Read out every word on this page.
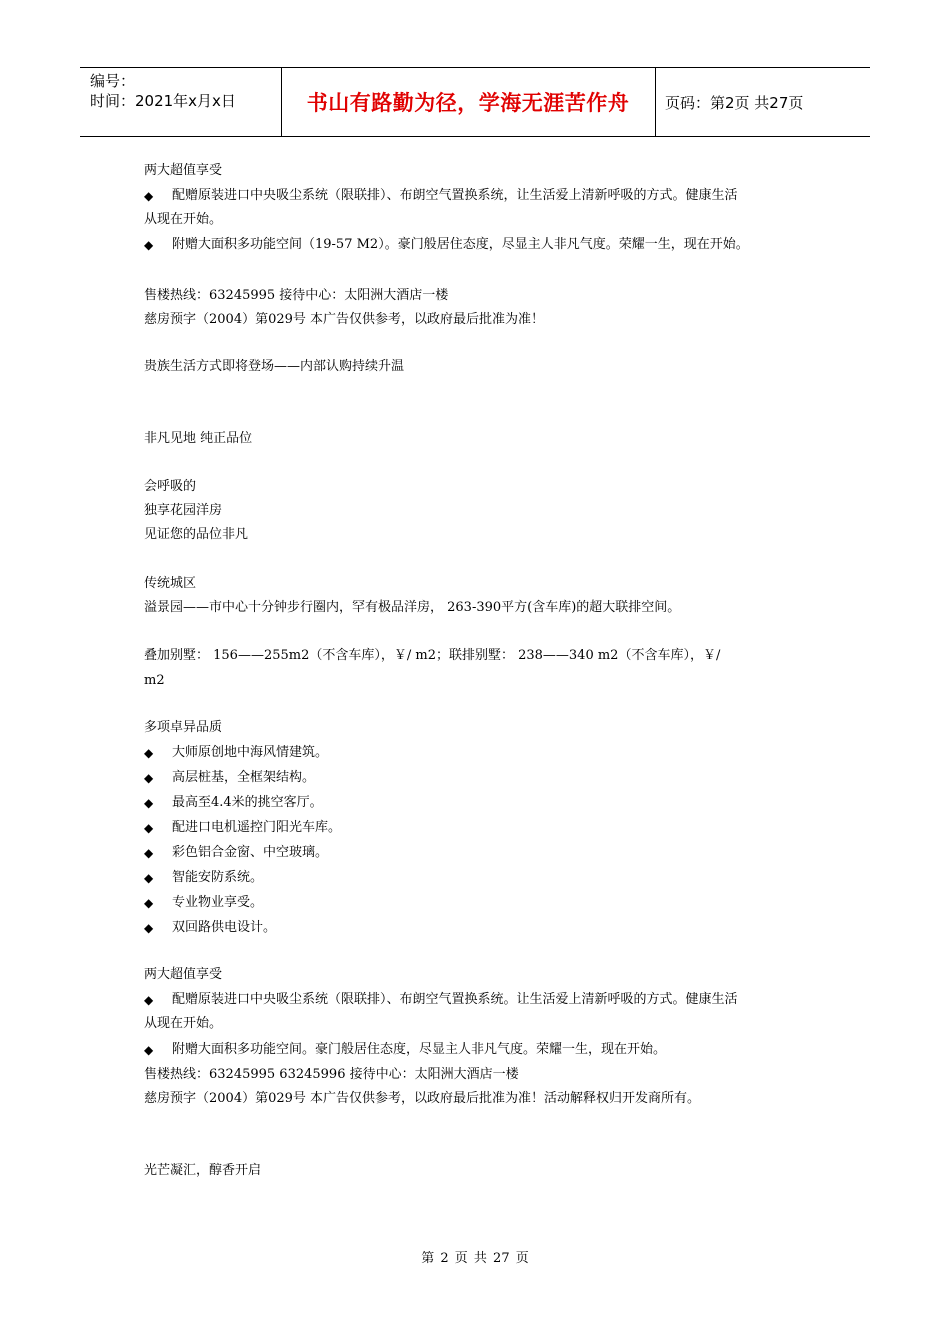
编号：
时间：2021年x月x日	书山有路勤为径，学海无涯苦作舟	页码：第2页 共27页
两大超值享受
◆	配赠原装进口中央吸尘系统（限联排）、布朗空气置换系统，让生活爱上清新呼吸的方式。健康生活
从现在开始。
◆	附赠大面积多功能空间（19-57 M2）。豪门般居住态度，尽显主人非凡气度。荣耀一生，现在开始。
售楼热线：63245995 接待中心：太阳洲大酒店一楼
慈房预字（2004）第029号 本广告仅供参考，以政府最后批准为准！
贵族生活方式即将登场——内部认购持续升温
非凡见地 纯正品位
会呼吸的
独享花园洋房
见证您的品位非凡
传统城区
溢景园——市中心十分钟步行圈内，罕有极品洋房， 263-390平方(含车库)的超大联排空间。
叠加别墅： 156——255m2（不含车库），￥/ m2；联排别墅： 238——340 m2（不含车库），￥/
m2
多项卓异品质
◆	大师原创地中海风情建筑。
◆	高层桩基，全框架结构。
◆	最高至4.4米的挑空客厅。
◆	配进口电机遥控门阳光车库。
◆	彩色铝合金窗、中空玻璃。
◆	智能安防系统。
◆	专业物业享受。
◆	双回路供电设计。
两大超值享受
◆	配赠原装进口中央吸尘系统（限联排）、布朗空气置换系统。让生活爱上清新呼吸的方式。健康生活
从现在开始。
◆	附赠大面积多功能空间。豪门般居住态度，尽显主人非凡气度。荣耀一生，现在开始。
售楼热线：63245995 63245996 接待中心：太阳洲大酒店一楼
慈房预字（2004）第029号 本广告仅供参考，以政府最后批准为准！活动解释权归开发商所有。
光芒凝汇，醇香开启
第 2 页 共 27 页
